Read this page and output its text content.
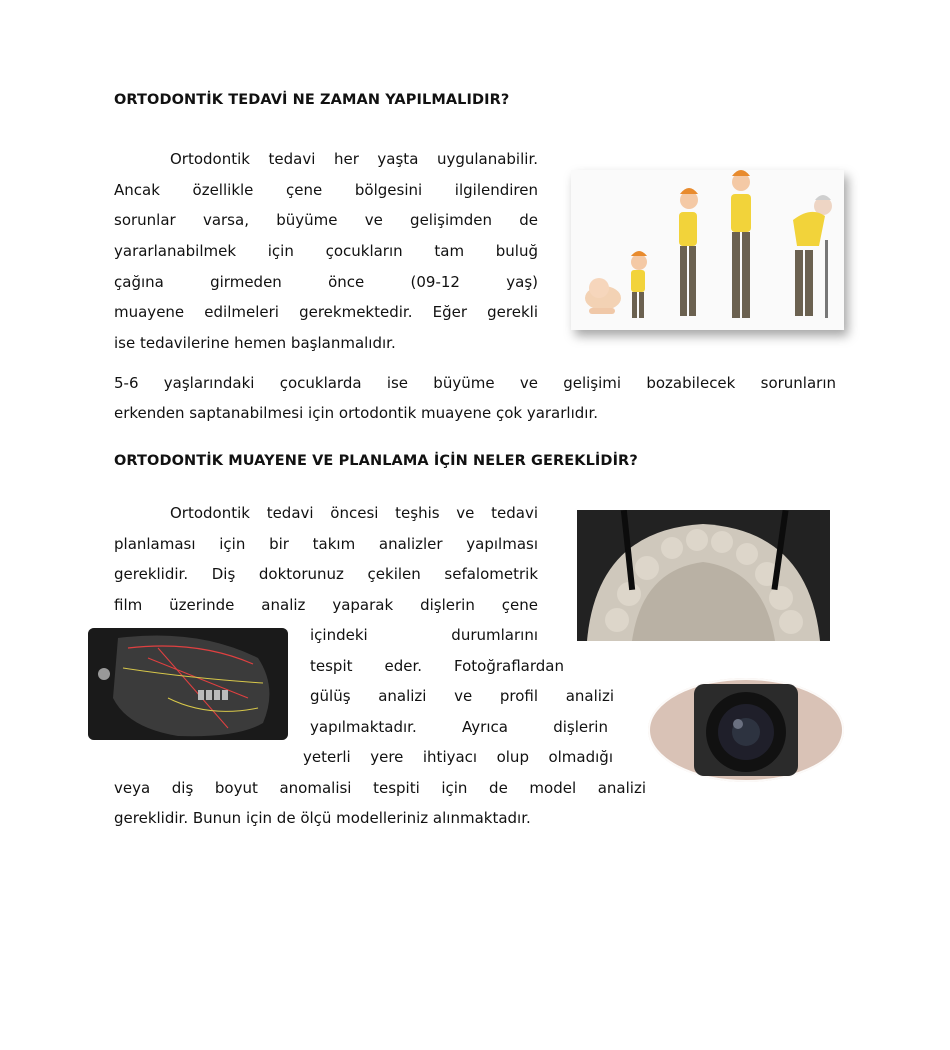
ORTODONTİK TEDAVİ NE ZAMAN YAPILMALIDIR?
Ortodontik tedavi her yaşta uygulanabilir.
Ancak özellikle çene bölgesini ilgilendiren
sorunlar varsa, büyüme ve gelişimden de
yararlanabilmek için çocukların tam buluğ
çağına girmeden önce (09-12 yaş)
muayene edilmeleri gerekmektedir. Eğer gerekli
ise tedavilerine hemen başlanmalıdır.
5-6 yaşlarındaki çocuklarda ise büyüme ve gelişimi bozabilecek sorunların
erkenden saptanabilmesi için ortodontik muayene çok yararlıdır.
ORTODONTİK MUAYENE VE PLANLAMA İÇİN NELER GEREKLİDİR?
Ortodontik tedavi öncesi teşhis ve tedavi
planlaması için bir takım analizler yapılması
gereklidir. Diş doktorunuz çekilen sefalometrik
film üzerinde analiz yaparak dişlerin çene
içindeki durumlarını
tespit eder. Fotoğraflardan
gülüş analizi ve profil analizi
yapılmaktadır. Ayrıca dişlerin
yeterli yere ihtiyacı olup olmadığı
veya diş boyut anomalisi tespiti için de model analizi
gereklidir. Bunun için de ölçü modelleriniz alınmaktadır.
